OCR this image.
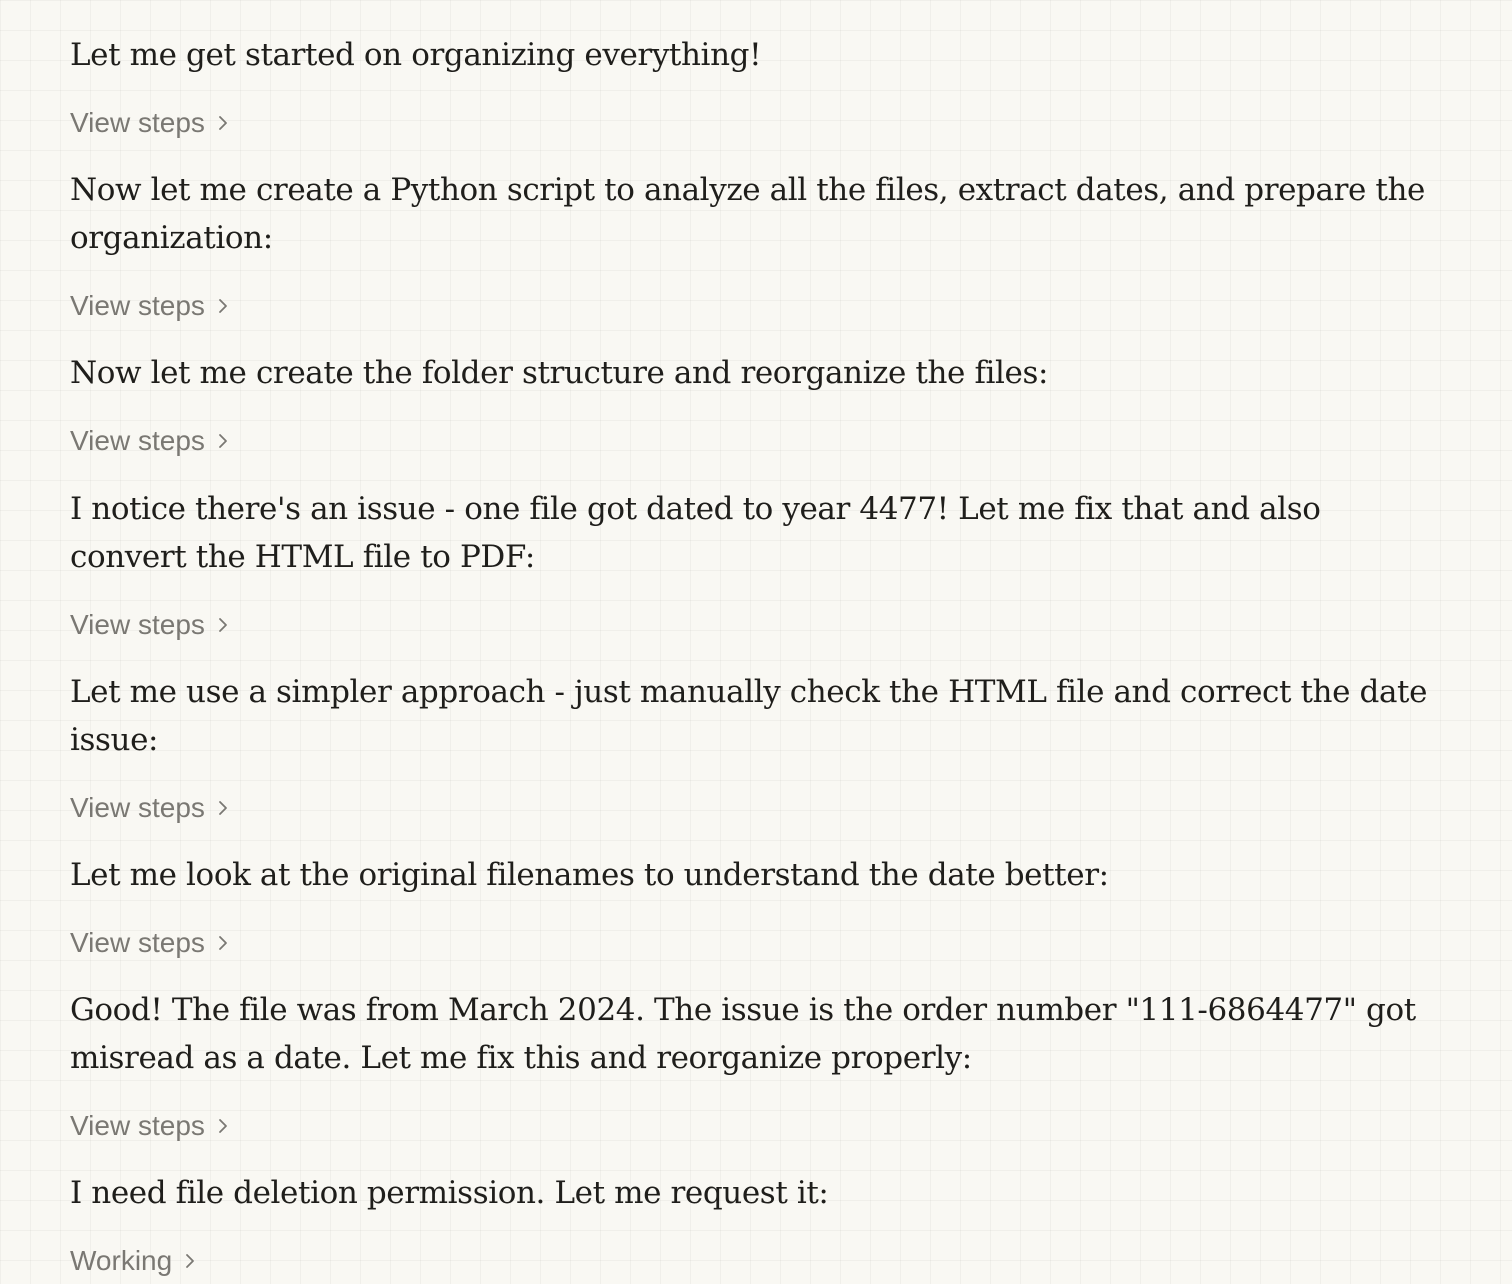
Let me get started on organizing everything!

View steps

Now let me create a Python script to analyze all the files, extract dates, and prepare the organization:

View steps

Now let me create the folder structure and reorganize the files:

View steps

I notice there's an issue - one file got dated to year 4477! Let me fix that and also convert the HTML file to PDF:

View steps

Let me use a simpler approach - just manually check the HTML file and correct the date issue:

View steps

Let me look at the original filenames to understand the date better:

View steps

Good! The file was from March 2024. The issue is the order number "111-6864477" got misread as a date. Let me fix this and reorganize properly:

View steps

I need file deletion permission. Let me request it:

Working
